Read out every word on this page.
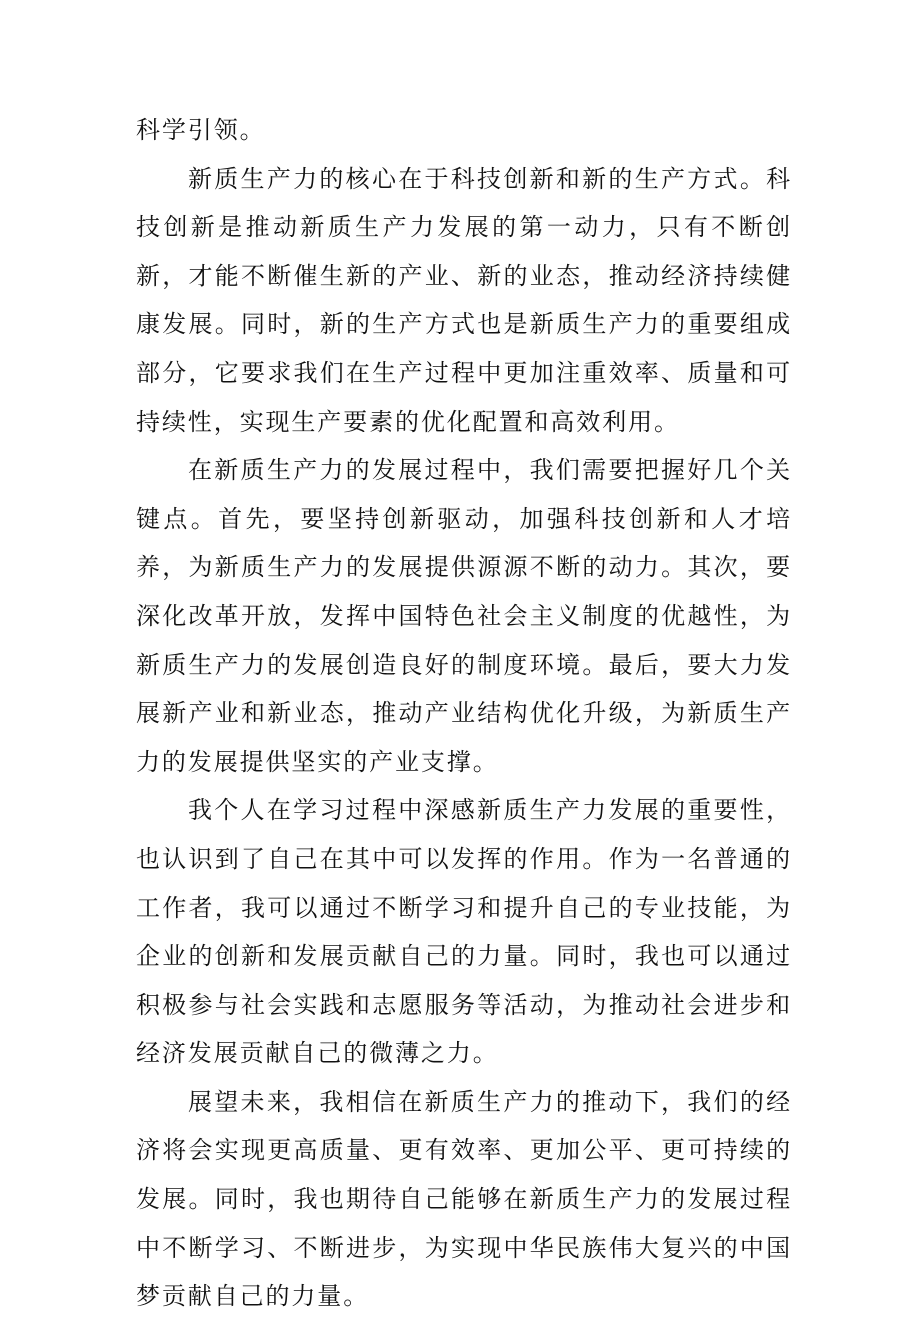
科学引领。

新质生产力的核心在于科技创新和新的生产方式。科技创新是推动新质生产力发展的第一动力，只有不断创新，才能不断催生新的产业、新的业态，推动经济持续健康发展。同时，新的生产方式也是新质生产力的重要组成部分，它要求我们在生产过程中更加注重效率、质量和可持续性，实现生产要素的优化配置和高效利用。

在新质生产力的发展过程中，我们需要把握好几个关键点。首先，要坚持创新驱动，加强科技创新和人才培养，为新质生产力的发展提供源源不断的动力。其次，要深化改革开放，发挥中国特色社会主义制度的优越性，为新质生产力的发展创造良好的制度环境。最后，要大力发展新产业和新业态，推动产业结构优化升级，为新质生产力的发展提供坚实的产业支撑。

我个人在学习过程中深感新质生产力发展的重要性，也认识到了自己在其中可以发挥的作用。作为一名普通的工作者，我可以通过不断学习和提升自己的专业技能，为企业的创新和发展贡献自己的力量。同时，我也可以通过积极参与社会实践和志愿服务等活动，为推动社会进步和经济发展贡献自己的微薄之力。

展望未来，我相信在新质生产力的推动下，我们的经济将会实现更高质量、更有效率、更加公平、更可持续的发展。同时，我也期待自己能够在新质生产力的发展过程中不断学习、不断进步，为实现中华民族伟大复兴的中国梦贡献自己的力量。
